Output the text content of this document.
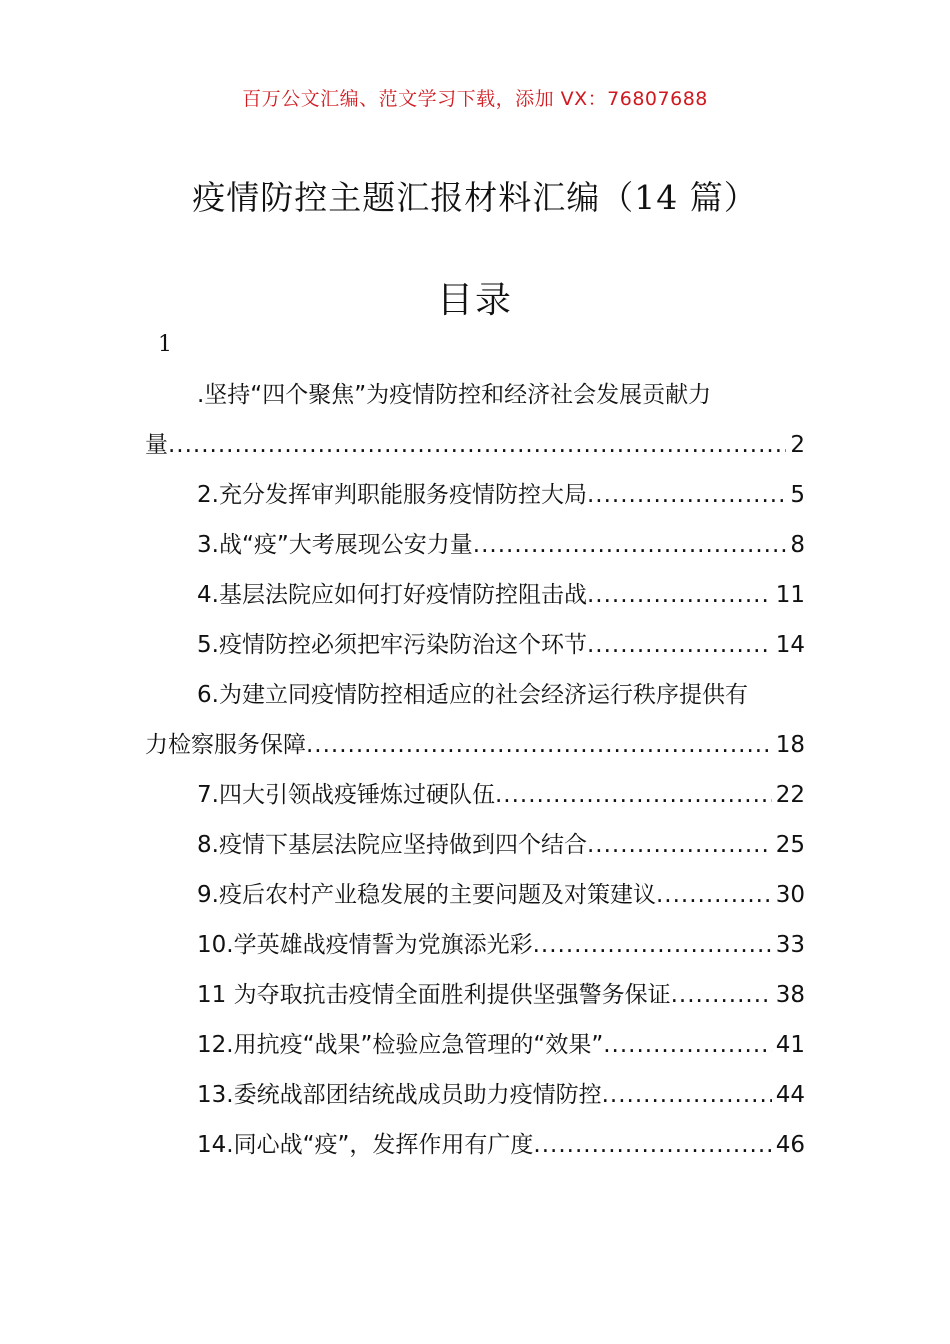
百万公文汇编、范文学习下载，添加 VX：76807688
疫情防控主题汇报材料汇编（14 篇）
目录
1
.坚持“四个聚焦”为疫情防控和经济社会发展贡献力
量 .....	2
2.充分发挥审判职能服务疫情防控大局 .....	5
3.战“疫”大考展现公安力量 .....	8
4.基层法院应如何打好疫情防控阻击战 .....	11
5.疫情防控必须把牢污染防治这个环节 .....	14
6.为建立同疫情防控相适应的社会经济运行秩序提供有
力检察服务保障 .....	18
7.四大引领战疫锤炼过硬队伍 .....	22
8.疫情下基层法院应坚持做到四个结合 .....	25
9.疫后农村产业稳发展的主要问题及对策建议 .....	30
10.学英雄战疫情誓为党旗添光彩 .....	33
11 为夺取抗击疫情全面胜利提供坚强警务保证 .....	38
12.用抗疫“战果”检验应急管理的“效果” .....	41
13.委统战部团结统战成员助力疫情防控 .....	44
14.同心战“疫”，发挥作用有广度 .....	46
